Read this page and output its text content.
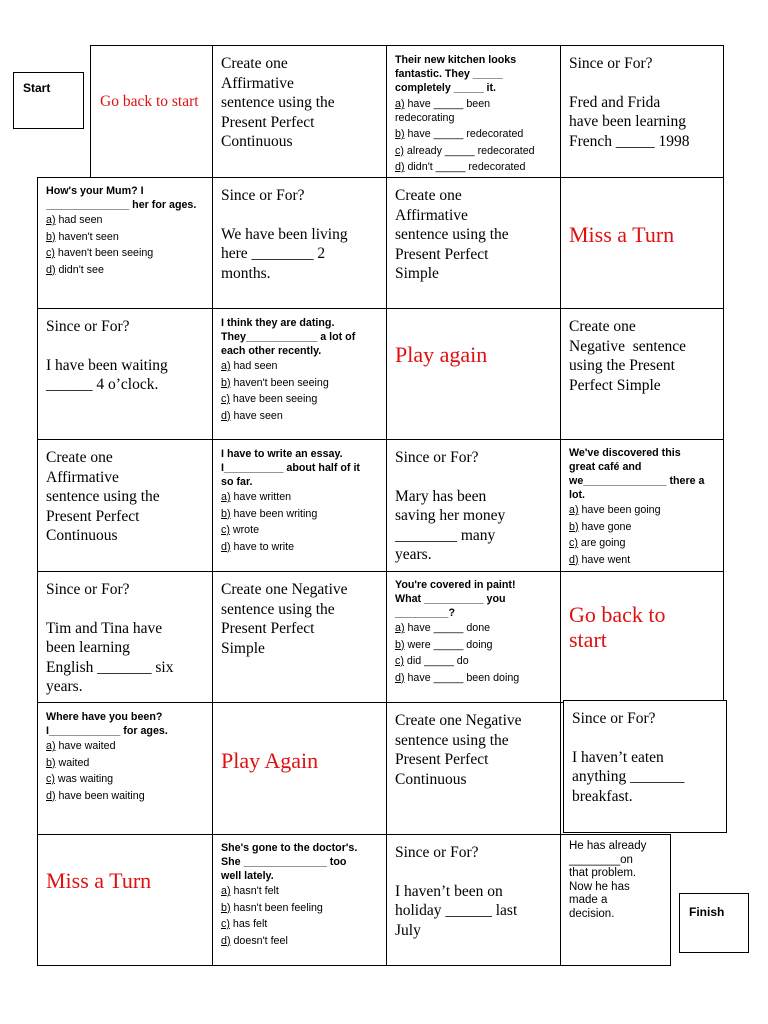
Start
Finish
Go back to start
Create one
Affirmative
sentence using the
Present Perfect
Continuous
Their new kitchen looks
fantastic. They _____
completely _____ it.
a) have _____ been
redecorating
b) have _____ redecorated
c) already _____ redecorated
d) didn't _____ redecorated
Since or For?
Fred and Frida
have been learning
French _____ 1998
How's your Mum? I
______________ her for ages.
a) had seen
b) haven't seen
c) haven't been seeing
d) didn't see
Since or For?
We have been living
here ________ 2
months.
Create one
Affirmative
sentence using the
Present Perfect
Simple
Miss a Turn
Since or For?
I have been waiting
______ 4 o’clock.
I think they are dating.
They____________ a lot of
each other recently.
a) had seen
b) haven't been seeing
c) have been seeing
d) have seen
Play again
Create one
Negative  sentence
using the Present
Perfect Simple
Create one
Affirmative
sentence using the
Present Perfect
Continuous
I have to write an essay.
I__________ about half of it
so far.
a) have written
b) have been writing
c) wrote
d) have to write
Since or For?
Mary has been
saving her money
________ many
years.
We've discovered this
great café and
we______________ there a
lot.
a) have been going
b) have gone
c) are going
d) have went
Since or For?
Tim and Tina have
been learning
English _______ six
years.
Create one Negative
sentence using the
Present Perfect
Simple
You're covered in paint!
What __________ you
_________?
a) have _____ done
b) were _____ doing
c) did _____ do
d) have _____ been doing
Go back to start
Where have you been?
I____________ for ages.
a) have waited
b) waited
c) was waiting
d) have been waiting
Play Again
Create one Negative
sentence using the
Present Perfect
Continuous
Since or For?
I haven’t eaten
anything _______
breakfast.
Miss a Turn
She's gone to the doctor's.
She ______________ too
well lately.
a) hasn't felt
b) hasn't been feeling
c) has felt
d) doesn't feel
Since or For?
I haven’t been on
holiday ______ last
July
He has already
________on
that problem.
Now he has
made a
decision.
